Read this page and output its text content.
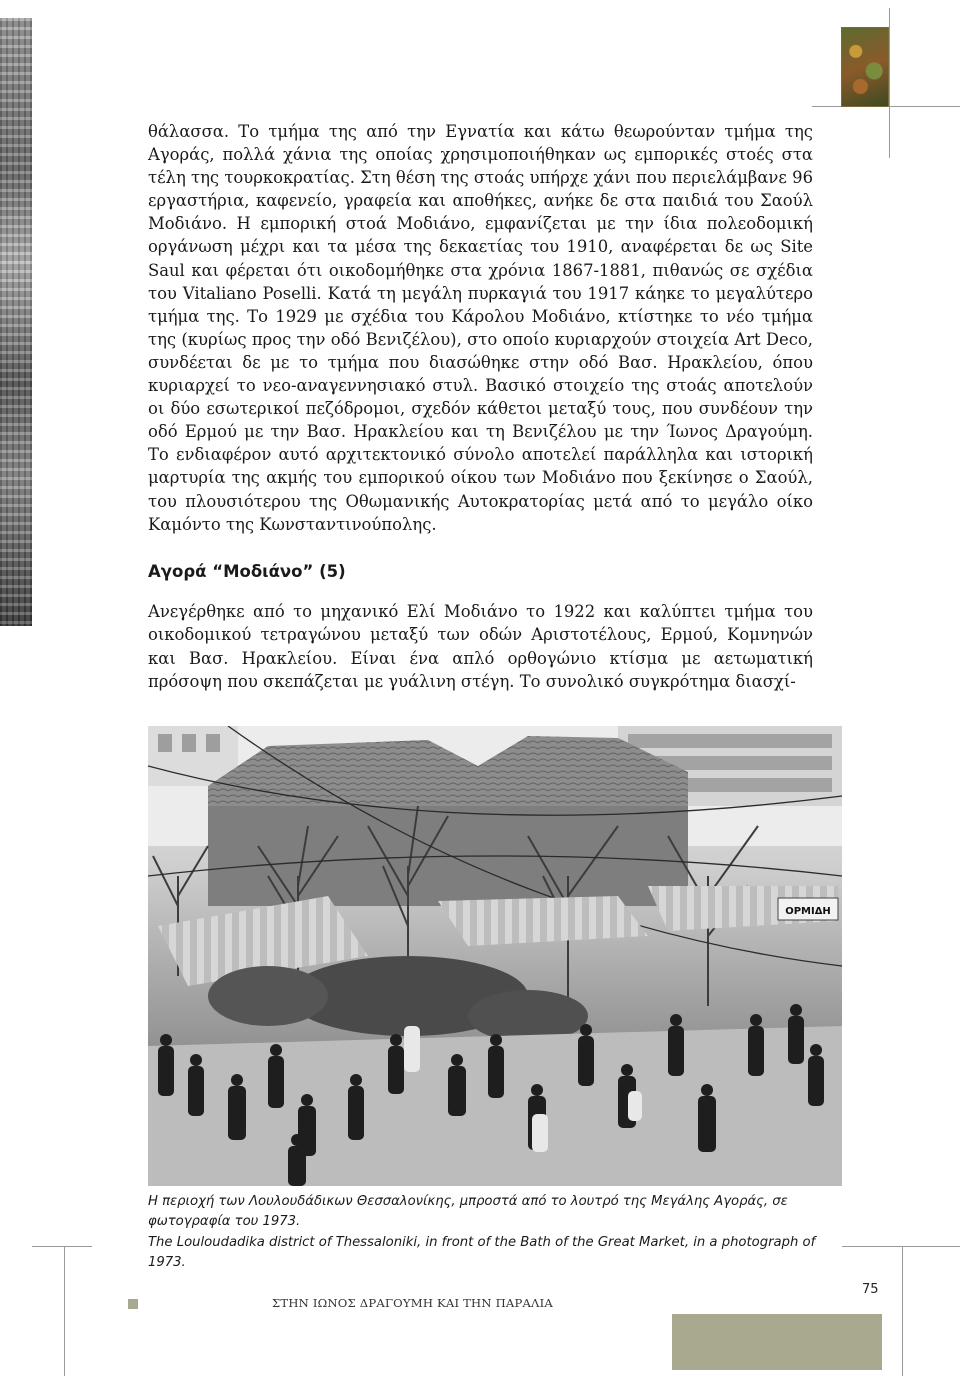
θάλασσα. Το τμήμα της από την Εγνατία και κάτω θεωρούνταν τμήμα της Αγοράς, πολλά χάνια της οποίας χρησιμοποιήθηκαν ως εμπορικές στοές στα τέλη της τουρκοκρατίας. Στη θέση της στοάς υπήρχε χάνι που περιελάμβανε 96 εργαστήρια, καφενείο, γραφεία και αποθήκες, ανήκε δε στα παιδιά του Σαούλ Μοδιάνο. Η εμπορική στοά Μοδιάνο, εμφανίζεται με την ίδια πολεοδομική οργάνωση μέχρι και τα μέσα της δεκαετίας του 1910, αναφέρεται δε ως Site Saul και φέρεται ότι οικοδομήθηκε στα χρόνια 1867-1881, πιθανώς σε σχέδια του Vitaliano Poselli. Κατά τη μεγάλη πυρκαγιά του 1917 κάηκε το μεγαλύτερο τμήμα της. Το 1929 με σχέδια του Κάρολου Μοδιάνο, κτίστηκε το νέο τμήμα της (κυρίως προς την οδό Βενιζέλου), στο οποίο κυριαρχούν στοιχεία Art Deco, συνδέεται δε με το τμήμα που διασώθηκε στην οδό Βασ. Ηρακλείου, όπου κυριαρχεί το νεο-αναγεννησιακό στυλ. Βασικό στοιχείο της στοάς αποτελούν οι δύο εσωτερικοί πεζόδρομοι, σχεδόν κάθετοι μεταξύ τους, που συνδέουν την οδό Ερμού με την Βασ. Ηρακλείου και τη Βενιζέλου με την Ίωνος Δραγούμη. Το ενδιαφέρον αυτό αρχιτεκτονικό σύνολο αποτελεί παράλληλα και ιστορική μαρτυρία της ακμής του εμπορικού οίκου των Μοδιάνο που ξεκίνησε ο Σαούλ, του πλουσιότερου της Οθωμανικής Αυτοκρατορίας μετά από το μεγάλο οίκο Καμόντο της Κωνσταντινούπολης.

Αγορά “Μοδιάνο” (5)

Ανεγέρθηκε από το μηχανικό Ελί Μοδιάνο το 1922 και καλύπτει τμήμα του οικοδομικού τετραγώνου μεταξύ των οδών Αριστοτέλους, Ερμού, Κομνηνών και Βασ. Ηρακλείου. Είναι ένα απλό ορθογώνιο κτίσμα με αετωματική πρόσοψη που σκεπάζεται με γυάλινη στέγη. Το συνολικό συγκρότημα διασχί-

ΟΡΜΙΔΗ

Η περιοχή των Λουλουδάδικων Θεσσαλονίκης, μπροστά από το λουτρό της Μεγάλης Αγοράς, σε φωτογραφία του 1973.

The Louloudadika district of Thessaloniki, in front of the Bath of the Great Market, in a photograph of 1973.

ΣΤΗΝ ΙΩΝΟΣ ΔΡΑΓΟΥΜΗ ΚΑΙ ΤΗΝ ΠΑΡΑΛΙΑ

75
